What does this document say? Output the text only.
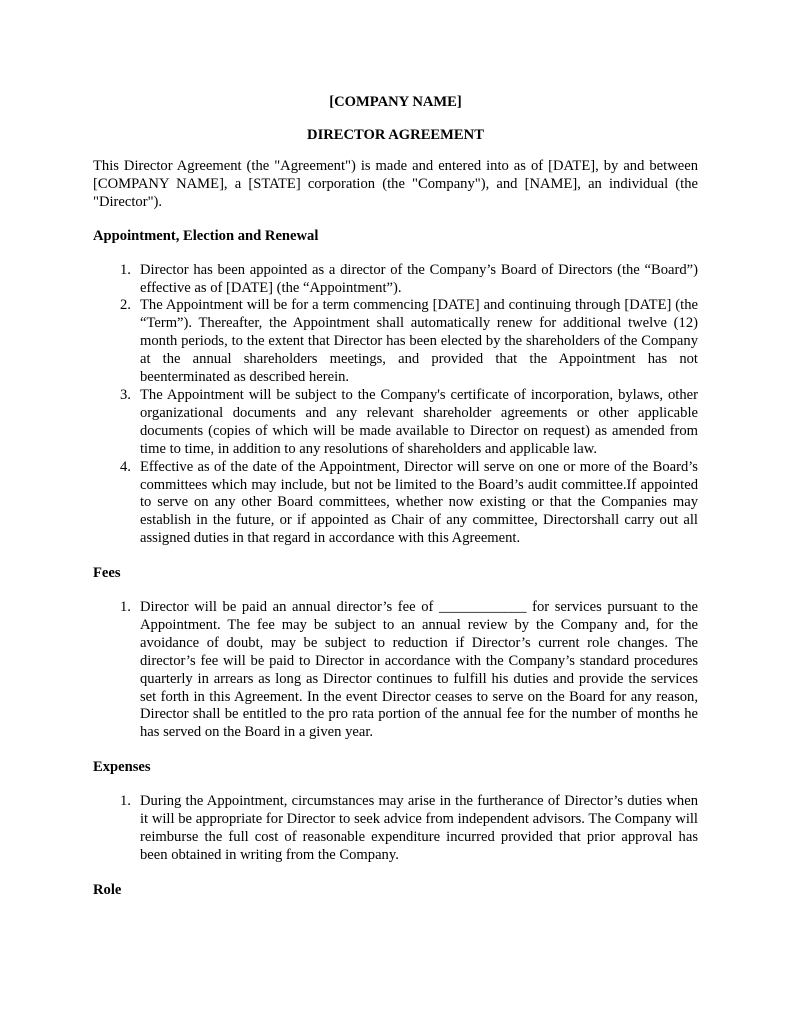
[COMPANY NAME]

DIRECTOR AGREEMENT

This Director Agreement (the "Agreement") is made and entered into as of [DATE], by and between [COMPANY NAME], a [STATE] corporation (the "Company"), and [NAME], an individual (the "Director").

Appointment, Election and Renewal

1. Director has been appointed as a director of the Company’s Board of Directors (the “Board”) effective as of [DATE] (the “Appointment”).
2. The Appointment will be for a term commencing [DATE] and continuing through [DATE] (the “Term”). Thereafter, the Appointment shall automatically renew for additional twelve (12) month periods, to the extent that Director has been elected by the shareholders of the Company at the annual shareholders meetings, and provided that the Appointment has not beenterminated as described herein.
3. The Appointment will be subject to the Company's certificate of incorporation, bylaws, other organizational documents and any relevant shareholder agreements or other applicable documents (copies of which will be made available to Director on request) as amended from time to time, in addition to any resolutions of shareholders and applicable law.
4. Effective as of the date of the Appointment, Director will serve on one or more of the Board’s committees which may include, but not be limited to the Board’s audit committee.If appointed to serve on any other Board committees, whether now existing or that the Companies may establish in the future, or if appointed as Chair of any committee, Directorshall carry out all assigned duties in that regard in accordance with this Agreement.

Fees

1. Director will be paid an annual director’s fee of ____________ for services pursuant to the Appointment. The fee may be subject to an annual review by the Company and, for the avoidance of doubt, may be subject to reduction if Director’s current role changes. The director’s fee will be paid to Director in accordance with the Company’s standard procedures quarterly in arrears as long as Director continues to fulfill his duties and provide the services set forth in this Agreement. In the event Director ceases to serve on the Board for any reason, Director shall be entitled to the pro rata portion of the annual fee for the number of months he has served on the Board in a given year.

Expenses

1. During the Appointment, circumstances may arise in the furtherance of Director’s duties when it will be appropriate for Director to seek advice from independent advisors. The Company will reimburse the full cost of reasonable expenditure incurred provided that prior approval has been obtained in writing from the Company.

Role
